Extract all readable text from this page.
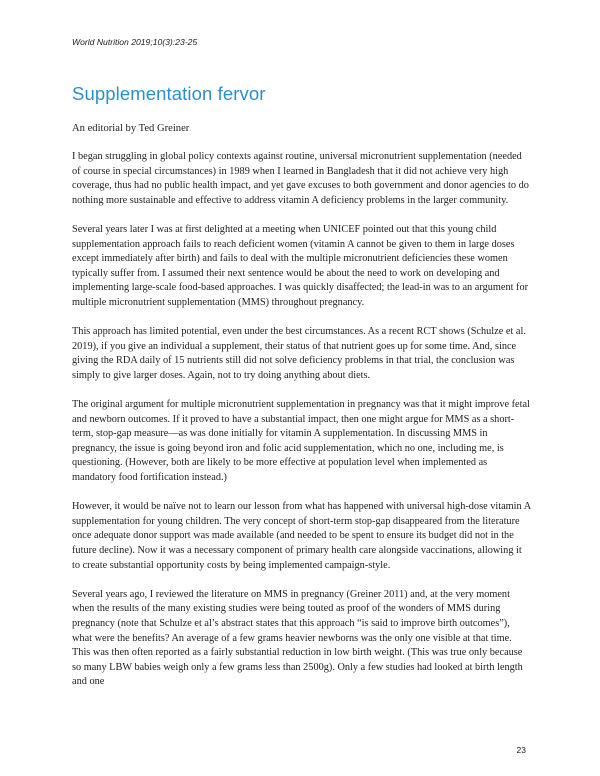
World Nutrition 2019;10(3):23-25
Supplementation fervor
An editorial by Ted Greiner

I began struggling in global policy contexts against routine, universal micronutrient supplementation (needed of course in special circumstances) in 1989 when I learned in Bangladesh that it did not achieve very high coverage, thus had no public health impact, and yet gave excuses to both government and donor agencies to do nothing more sustainable and effective to address vitamin A deficiency problems in the larger community.

Several years later I was at first delighted at a meeting when UNICEF pointed out that this young child supplementation approach fails to reach deficient women (vitamin A cannot be given to them in large doses except immediately after birth) and fails to deal with the multiple micronutrient deficiencies these women typically suffer from. I assumed their next sentence would be about the need to work on developing and implementing large-scale food-based approaches. I was quickly disaffected; the lead-in was to an argument for multiple micronutrient supplementation (MMS) throughout pregnancy.

This approach has limited potential, even under the best circumstances. As a recent RCT shows (Schulze et al. 2019), if you give an individual a supplement, their status of that nutrient goes up for some time. And, since giving the RDA daily of 15 nutrients still did not solve deficiency problems in that trial, the conclusion was simply to give larger doses. Again, not to try doing anything about diets.

The original argument for multiple micronutrient supplementation in pregnancy was that it might improve fetal and newborn outcomes. If it proved to have a substantial impact, then one might argue for MMS as a short-term, stop-gap measure—as was done initially for vitamin A supplementation. In discussing MMS in pregnancy, the issue is going beyond iron and folic acid supplementation, which no one, including me, is questioning. (However, both are likely to be more effective at population level when implemented as mandatory food fortification instead.)

However, it would be naïve not to learn our lesson from what has happened with universal high-dose vitamin A supplementation for young children. The very concept of short-term stop-gap disappeared from the literature once adequate donor support was made available (and needed to be spent to ensure its budget did not in the future decline). Now it was a necessary component of primary health care alongside vaccinations, allowing it to create substantial opportunity costs by being implemented campaign-style.

Several years ago, I reviewed the literature on MMS in pregnancy (Greiner 2011) and, at the very moment when the results of the many existing studies were being touted as proof of the wonders of MMS during pregnancy (note that Schulze et al’s abstract states that this approach “is said to improve birth outcomes”), what were the benefits? An average of a few grams heavier newborns was the only one visible at that time. This was then often reported as a fairly substantial reduction in low birth weight. (This was true only because so many LBW babies weigh only a few grams less than 2500g). Only a few studies had looked at birth length and one

23
